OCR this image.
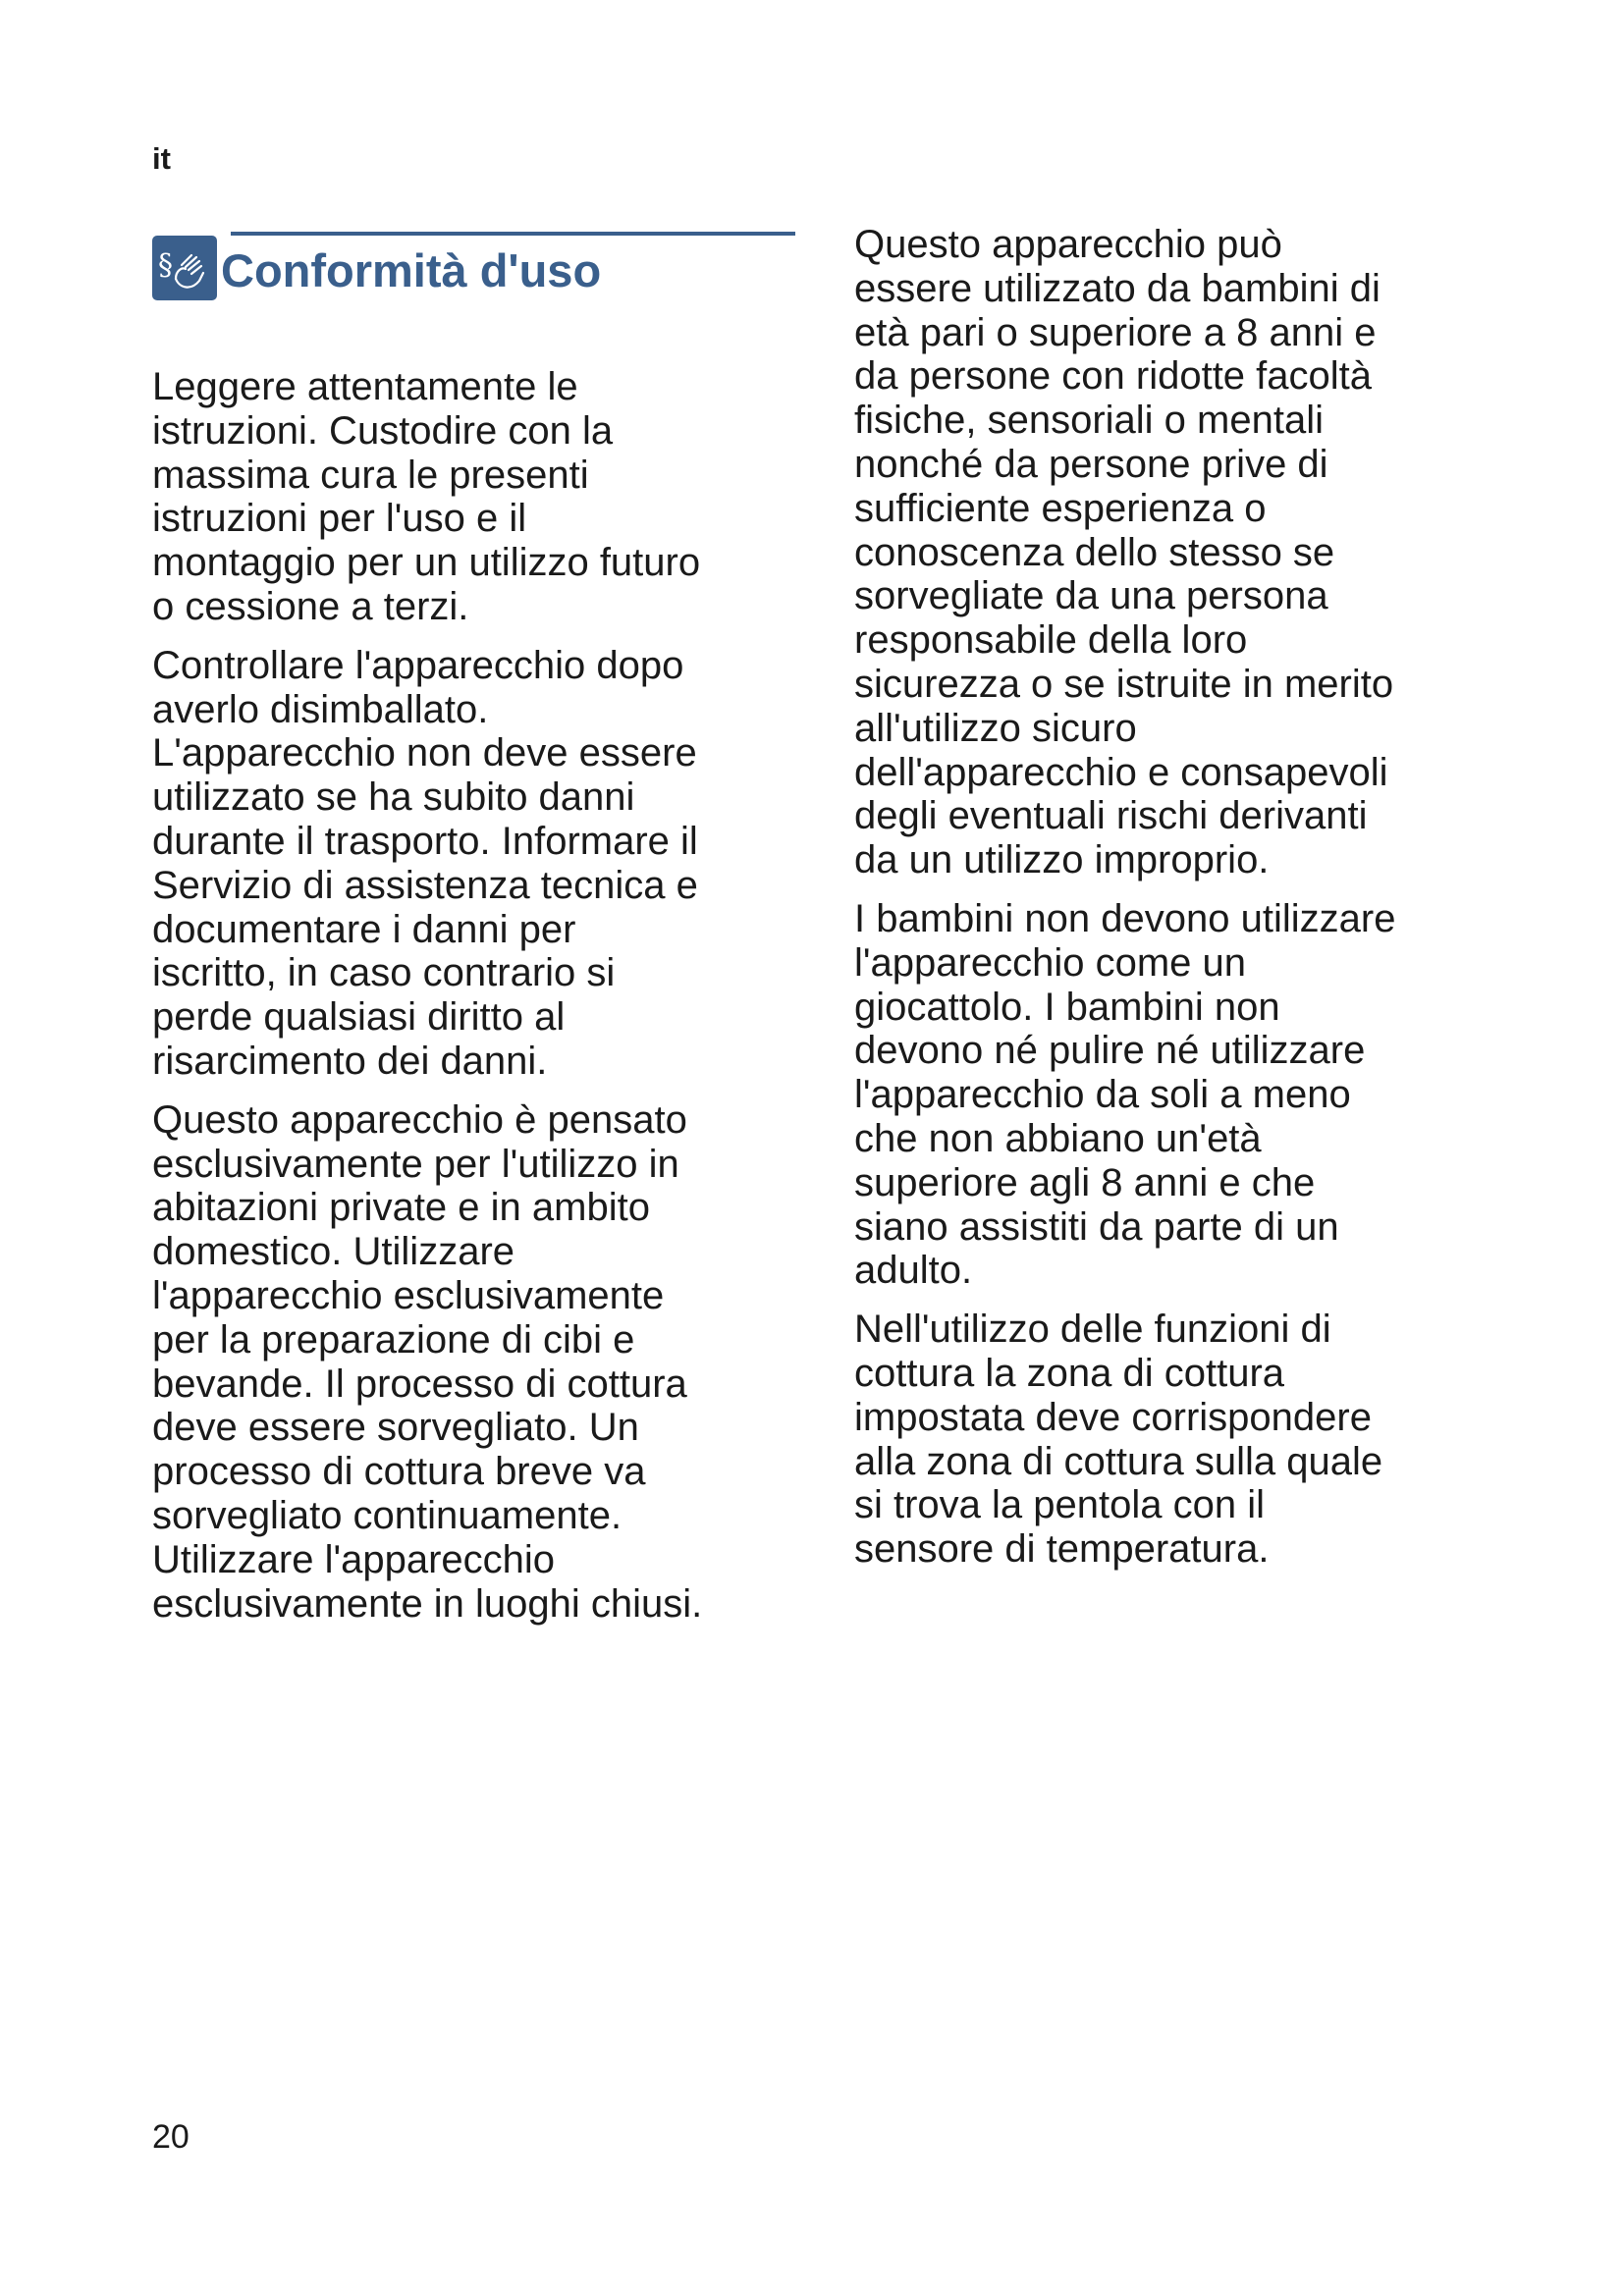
it
§ Conformità d'uso

Leggere attentamente le
istruzioni. Custodire con la
massima cura le presenti
istruzioni per l'uso e il
montaggio per un utilizzo futuro
o cessione a terzi.

Controllare l'apparecchio dopo
averlo disimballato.
L'apparecchio non deve essere
utilizzato se ha subito danni
durante il trasporto. Informare il
Servizio di assistenza tecnica e
documentare i danni per
iscritto, in caso contrario si
perde qualsiasi diritto al
risarcimento dei danni.

Questo apparecchio è pensato
esclusivamente per l'utilizzo in
abitazioni private e in ambito
domestico. Utilizzare
l'apparecchio esclusivamente
per la preparazione di cibi e
bevande. Il processo di cottura
deve essere sorvegliato. Un
processo di cottura breve va
sorvegliato continuamente.
Utilizzare l'apparecchio
esclusivamente in luoghi chiusi.

Questo apparecchio può
essere utilizzato da bambini di
età pari o superiore a 8 anni e
da persone con ridotte facoltà
fisiche, sensoriali o mentali
nonché da persone prive di
sufficiente esperienza o
conoscenza dello stesso se
sorvegliate da una persona
responsabile della loro
sicurezza o se istruite in merito
all'utilizzo sicuro
dell'apparecchio e consapevoli
degli eventuali rischi derivanti
da un utilizzo improprio.

I bambini non devono utilizzare
l'apparecchio come un
giocattolo. I bambini non
devono né pulire né utilizzare
l'apparecchio da soli a meno
che non abbiano un'età
superiore agli 8 anni e che
siano assistiti da parte di un
adulto.

Nell'utilizzo delle funzioni di
cottura la zona di cottura
impostata deve corrispondere
alla zona di cottura sulla quale
si trova la pentola con il
sensore di temperatura.

20
